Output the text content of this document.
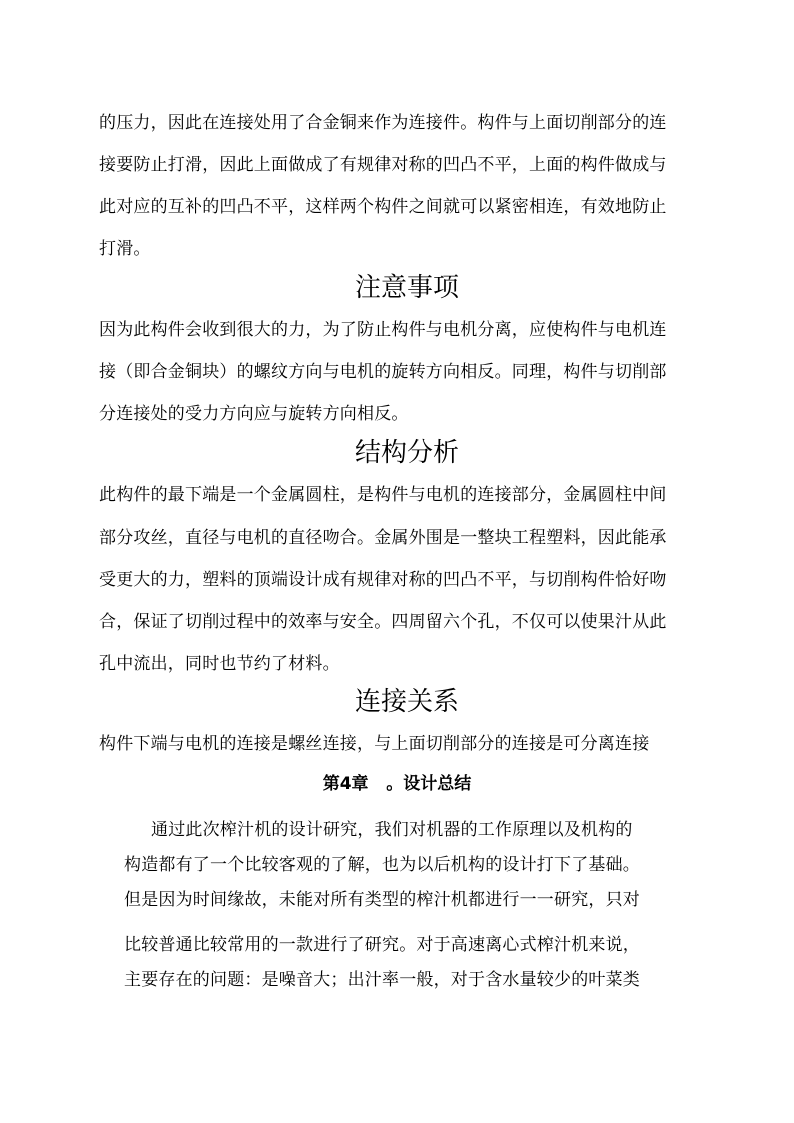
的压力，因此在连接处用了合金铜来作为连接件。构件与上面切削部分的连
接要防止打滑，因此上面做成了有规律对称的凹凸不平，上面的构件做成与
此对应的互补的凹凸不平，这样两个构件之间就可以紧密相连，有效地防止
打滑。
注意事项
因为此构件会收到很大的力，为了防止构件与电机分离，应使构件与电机连
接（即合金铜块）的螺纹方向与电机的旋转方向相反。同理，构件与切削部
分连接处的受力方向应与旋转方向相反。
结构分析
此构件的最下端是一个金属圆柱，是构件与电机的连接部分，金属圆柱中间
部分攻丝，直径与电机的直径吻合。金属外围是一整块工程塑料，因此能承
受更大的力，塑料的顶端设计成有规律对称的凹凸不平，与切削构件恰好吻
合，保证了切削过程中的效率与安全。四周留六个孔，不仅可以使果汁从此
孔中流出，同时也节约了材料。
连接关系
构件下端与电机的连接是螺丝连接，与上面切削部分的连接是可分离连接
第4章   。设计总结
通过此次榨汁机的设计研究，我们对机器的工作原理以及机构的
构造都有了一个比较客观的了解，也为以后机构的设计打下了基础。
但是因为时间缘故，未能对所有类型的榨汁机都进行一一研究，只对
比较普通比较常用的一款进行了研究。对于高速离心式榨汁机来说，
主要存在的问题：是噪音大；出汁率一般，对于含水量较少的叶菜类
